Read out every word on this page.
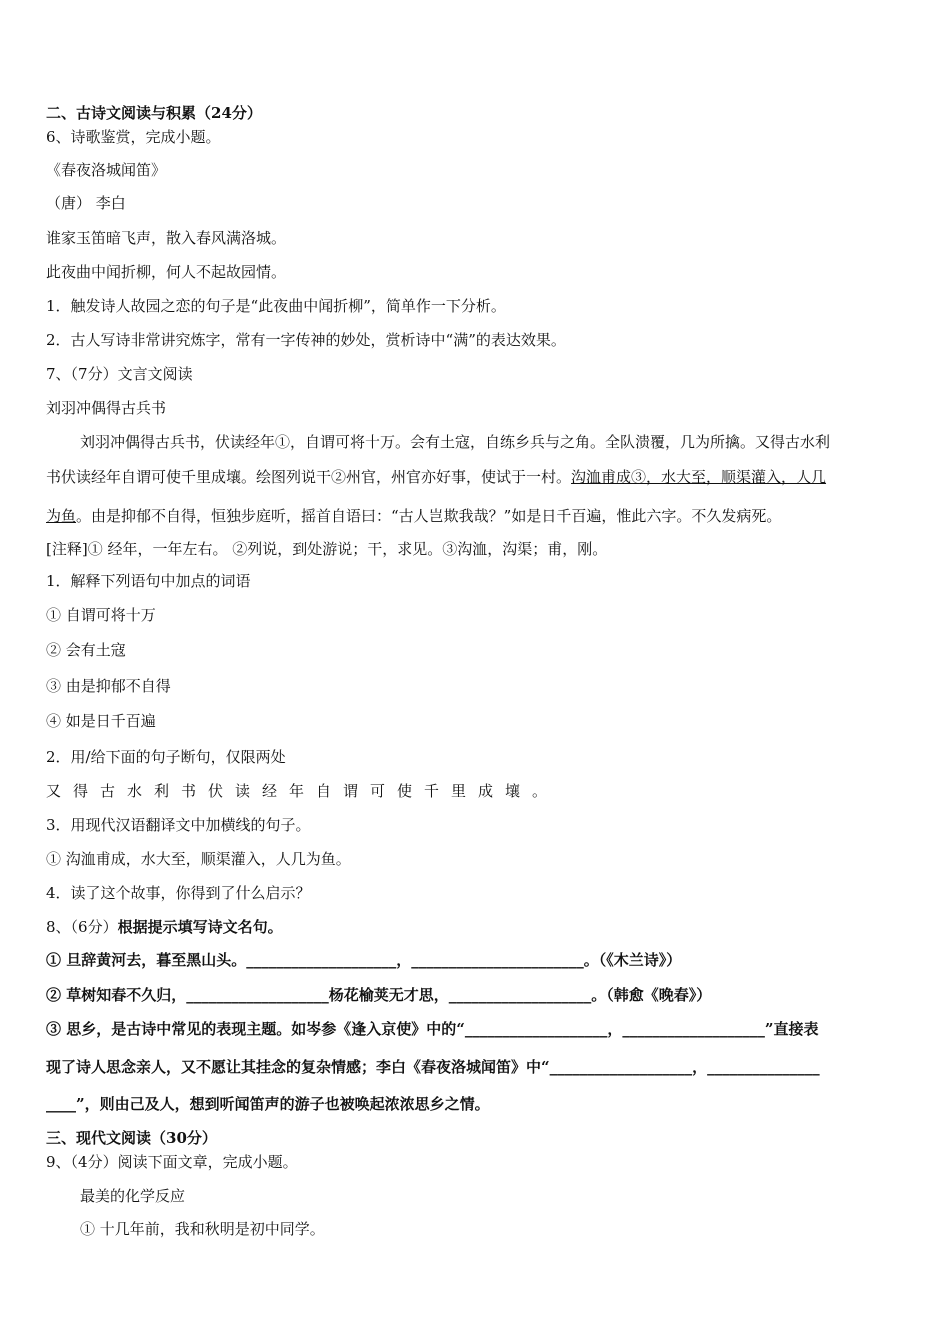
二、古诗文阅读与积累（24分）
6、诗歌鉴赏，完成小题。
《春夜洛城闻笛》
（唐） 李白
谁家玉笛暗飞声，散入春风满洛城。
此夜曲中闻折柳，何人不起故园情。
1．触发诗人故园之恋的句子是“此夜曲中闻折柳”，简单作一下分析。
2．古人写诗非常讲究炼字，常有一字传神的妙处，赏析诗中“满”的表达效果。
7、（7分）文言文阅读
刘羽冲偶得古兵书
刘羽冲偶得古兵书，伏读经年①，自谓可将十万。会有土寇，自练乡兵与之角。全队溃覆，几为所擒。又得古水利
书伏读经年自谓可使千里成壤。绘图列说干②州官，州官亦好事，使试于一村。沟洫甫成③，水大至，顺渠灌入，人几
为鱼。由是抑郁不自得，恒独步庭听，摇首自语曰：“古人岂欺我哉？”如是日千百遍，惟此六字。不久发病死。
[注释]① 经年，一年左右。 ②列说，到处游说；干，求见。③沟洫，沟渠；甫，刚。
1．解释下列语句中加点的词语
① 自谓可将十万
② 会有土寇
③ 由是抑郁不自得
④ 如是日千百遍
2．用/给下面的句子断句，仅限两处
又得古水利书伏读经年自谓可使千里成壤。
3．用现代汉语翻译文中加横线的句子。
① 沟洫甫成，水大至，顺渠灌入，人几为鱼。
4．读了这个故事，你得到了什么启示？
8、（6分）根据提示填写诗文名句。
① 旦辞黄河去，暮至黑山头。____________________，_______________________。（《木兰诗》）
② 草树知春不久归，___________________杨花榆荚无才思，___________________。（韩愈《晚春》）
③ 思乡，是古诗中常见的表现主题。如岑参《逢入京使》中的“___________________，___________________”直接表
现了诗人思念亲人，又不愿让其挂念的复杂情感；李白《春夜洛城闻笛》中“___________________，_______________
____”，则由己及人，想到听闻笛声的游子也被唤起浓浓思乡之情。
三、现代文阅读（30分）
9、（4分）阅读下面文章，完成小题。
最美的化学反应
① 十几年前，我和秋明是初中同学。
